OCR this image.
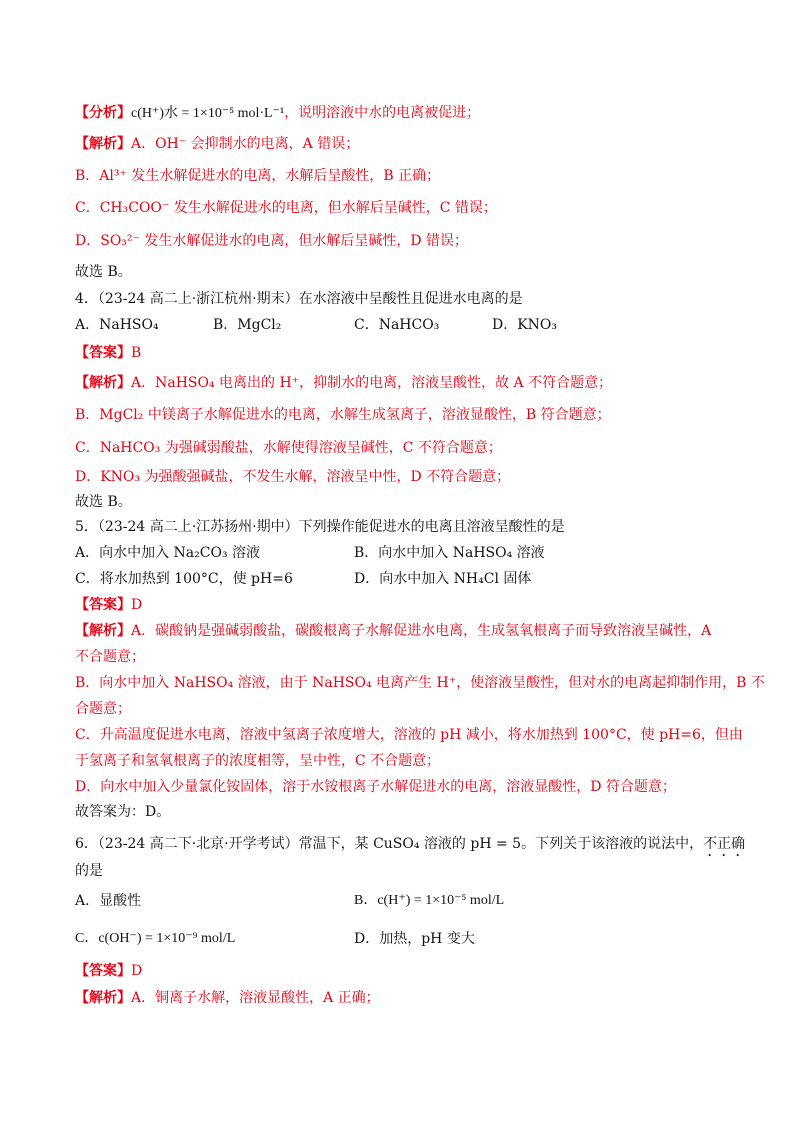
【分析】c(H⁺)水 = 1×10⁻⁵ mol·L⁻¹，说明溶液中水的电离被促进；
【解析】A．OH⁻ 会抑制水的电离，A 错误；
B．Al³⁺ 发生水解促进水的电离，水解后呈酸性，B 正确；
C．CH₃COO⁻ 发生水解促进水的电离，但水解后呈碱性，C 错误；
D．SO₃²⁻ 发生水解促进水的电离，但水解后呈碱性，D 错误；
故选 B。
4．（23-24 高二上·浙江杭州·期末）在水溶液中呈酸性且促进水电离的是
A．NaHSO₄	B．MgCl₂	C．NaHCO₃	D．KNO₃
【答案】B
【解析】A．NaHSO₄ 电离出的 H⁺，抑制水的电离，溶液呈酸性，故 A 不符合题意；
B．MgCl₂ 中镁离子水解促进水的电离，水解生成氢离子，溶液显酸性，B 符合题意；
C．NaHCO₃ 为强碱弱酸盐，水解使得溶液呈碱性，C 不符合题意；
D．KNO₃ 为强酸强碱盐，不发生水解，溶液呈中性，D 不符合题意；
故选 B。
5．（23-24 高二上·江苏扬州·期中）下列操作能促进水的电离且溶液呈酸性的是
A．向水中加入 Na₂CO₃ 溶液	B．向水中加入 NaHSO₄ 溶液
C．将水加热到 100°C，使 pH=6	D．向水中加入 NH₄Cl 固体
【答案】D
【解析】A．碳酸钠是强碱弱酸盐，碳酸根离子水解促进水电离，生成氢氧根离子而导致溶液呈碱性，A
不合题意；
B．向水中加入 NaHSO₄ 溶液，由于 NaHSO₄ 电离产生 H⁺，使溶液呈酸性，但对水的电离起抑制作用，B 不
合题意；
C．升高温度促进水电离，溶液中氢离子浓度增大，溶液的 pH 减小，将水加热到 100°C，使 pH=6，但由
于氢离子和氢氧根离子的浓度相等，呈中性，C 不合题意；
D．向水中加入少量氯化铵固体，溶于水铵根离子水解促进水的电离，溶液显酸性，D 符合题意；
故答案为：D。
6．（23-24 高二下·北京·开学考试）常温下，某 CuSO₄ 溶液的 pH = 5。下列关于该溶液的说法中，不正确
的是
A．显酸性	B．c(H⁺) = 1×10⁻⁵ mol/L
C．c(OH⁻) = 1×10⁻⁹ mol/L	D．加热，pH 变大
【答案】D
【解析】A．铜离子水解，溶液显酸性，A 正确；
